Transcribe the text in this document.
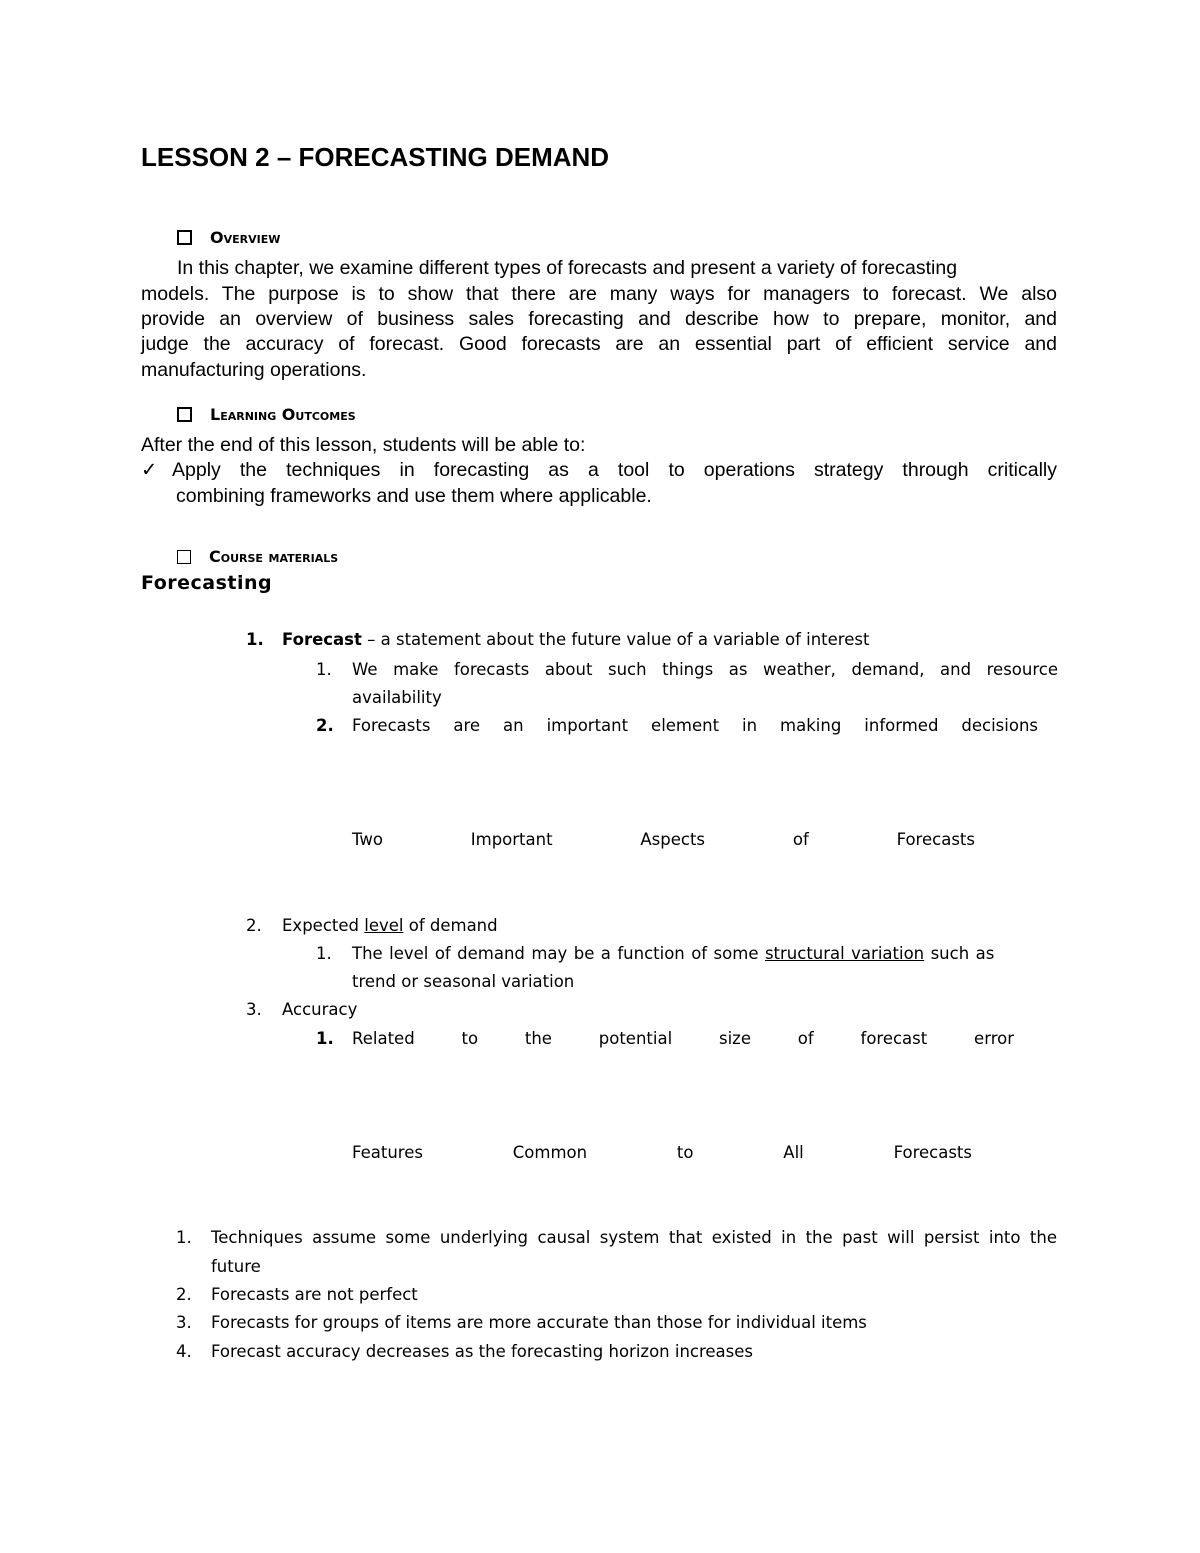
LESSON 2 – FORECASTING DEMAND
Overview
In this chapter, we examine different types of forecasts and present a variety of forecasting
models. The purpose is to show that there are many ways for managers to forecast. We also
provide an overview of business sales forecasting and describe how to prepare, monitor, and
judge the accuracy of forecast. Good forecasts are an essential part of efficient service and
manufacturing operations.
Learning Outcomes
After the end of this lesson, students will be able to:
✓ Apply the techniques in forecasting as a tool to operations strategy through critically
combining frameworks and use them where applicable.
Course materials
Forecasting
1. Forecast – a statement about the future value of a variable of interest
1. We make forecasts about such things as weather, demand, and resource
availability
2. Forecasts are an important element in making informed decisions
Two	Important	Aspects	of	Forecasts
2. Expected level of demand
1. The level of demand may be a function of some structural variation such as
trend or seasonal variation
3. Accuracy
1. Related to the potential size of forecast error
Features	Common	to	All	Forecasts
1. Techniques assume some underlying causal system that existed in the past will persist into the
future
2. Forecasts are not perfect
3. Forecasts for groups of items are more accurate than those for individual items
4. Forecast accuracy decreases as the forecasting horizon increases
